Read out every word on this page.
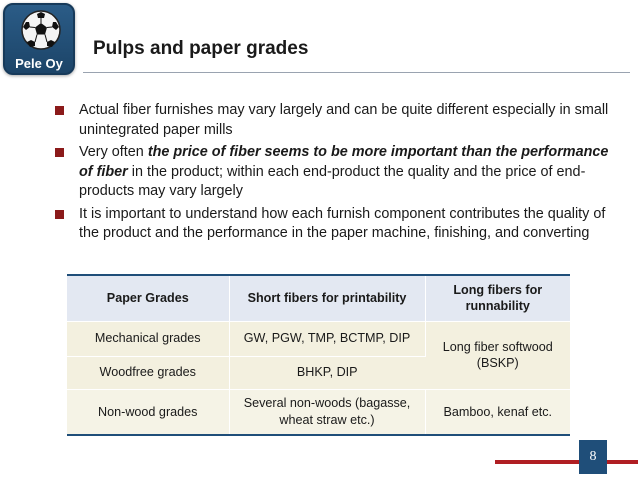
Pele Oy
Pulps and paper grades
Actual fiber furnishes may vary largely and can be quite different especially in small unintegrated paper mills
Very often the price of fiber seems to be more important than the performance of fiber in the product; within each end-product the quality and the price of end-products may vary largely
It is important to understand how each furnish component contributes the quality of the product and the performance in the paper machine, finishing, and converting
Paper Grades	Short fibers for printability	Long fibers for runnability
Mechanical grades	GW, PGW, TMP, BCTMP, DIP	Long fiber softwood (BSKP)
Woodfree grades	BHKP, DIP	
Non-wood grades	Several non-woods (bagasse, wheat straw etc.)	Bamboo, kenaf etc.
8
